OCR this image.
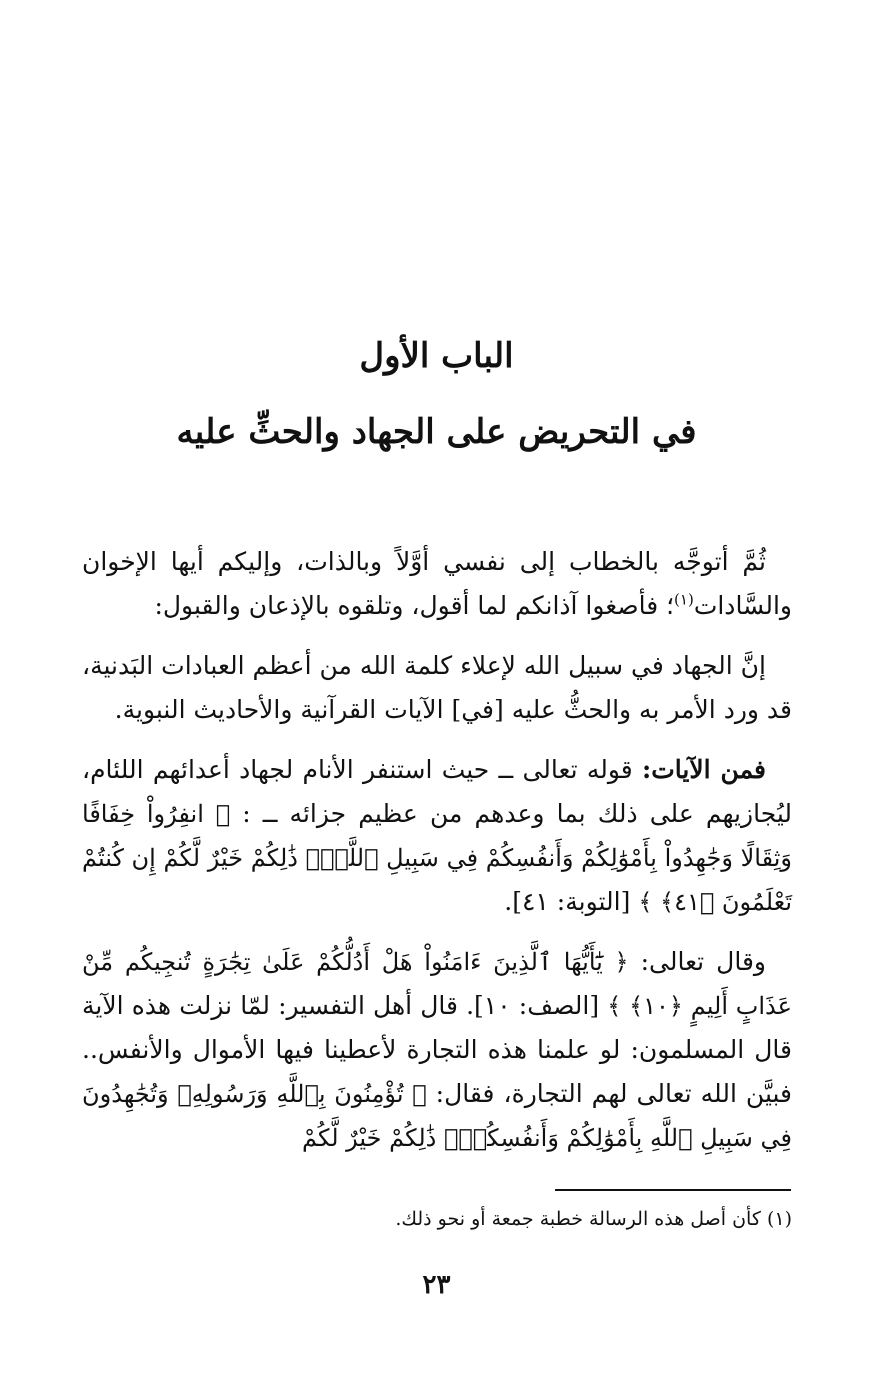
الباب الأول
في التحريض على الجهاد والحثِّ عليه

ثُمَّ أتوجَّه بالخطاب إلى نفسي أوَّلاً وبالذات، وإليكم أيها الإخوان والسَّادات$^{(١)}$؛ فأصغوا آذانكم لما أقول، وتلقوه بالإذعان والقبول:

إنَّ الجهاد في سبيل الله لإعلاء كلمة الله من أعظم العبادات البَدنية، قد ورد الأمر به والحثُّ عليه [في] الآيات القرآنية والأحاديث النبوية.

فمن الآيات: قوله تعالى ــ حيث استنفر الأنام لجهاد أعدائهم اللئام، ليُجازيهم على ذلك بما وعدهم من عظيم جزائه ــ : ﴿ انفِرُواْ خِفَافًا وَثِقَالًا وَجَٰهِدُواْ بِأَمْوَٰلِكُمْ وَأَنفُسِكُمْ فِي سَبِيلِ ٱللَّهِۚ ذَٰلِكُمْ خَيْرٌ لَّكُمْ إِن كُنتُمْ تَعْلَمُونَ ﴿٤١﴾ ﴾ [التوبة: ٤١].

وقال تعالى: ﴿ يَٰٓأَيُّهَا ٱلَّذِينَ ءَامَنُواْ هَلْ أَدُلُّكُمْ عَلَىٰ تِجَٰرَةٍ تُنجِيكُم مِّنْ عَذَابٍ أَلِيمٍ ﴿١٠﴾ ﴾ [الصف: ١٠]. قال أهل التفسير: لمّا نزلت هذه الآية قال المسلمون: لو علمنا هذه التجارة لأعطينا فيها الأموال والأنفس.. فبيَّن الله تعالى لهم التجارة، فقال: ﴿ تُؤْمِنُونَ بِٱللَّهِ وَرَسُولِهِۦ وَتُجَٰهِدُونَ فِي سَبِيلِ ٱللَّهِ بِأَمْوَٰلِكُمْ وَأَنفُسِكُمْۚ ذَٰلِكُمْ خَيْرٌ لَّكُمْ

(١) كأن أصل هذه الرسالة خطبة جمعة أو نحو ذلك.

٢٣
